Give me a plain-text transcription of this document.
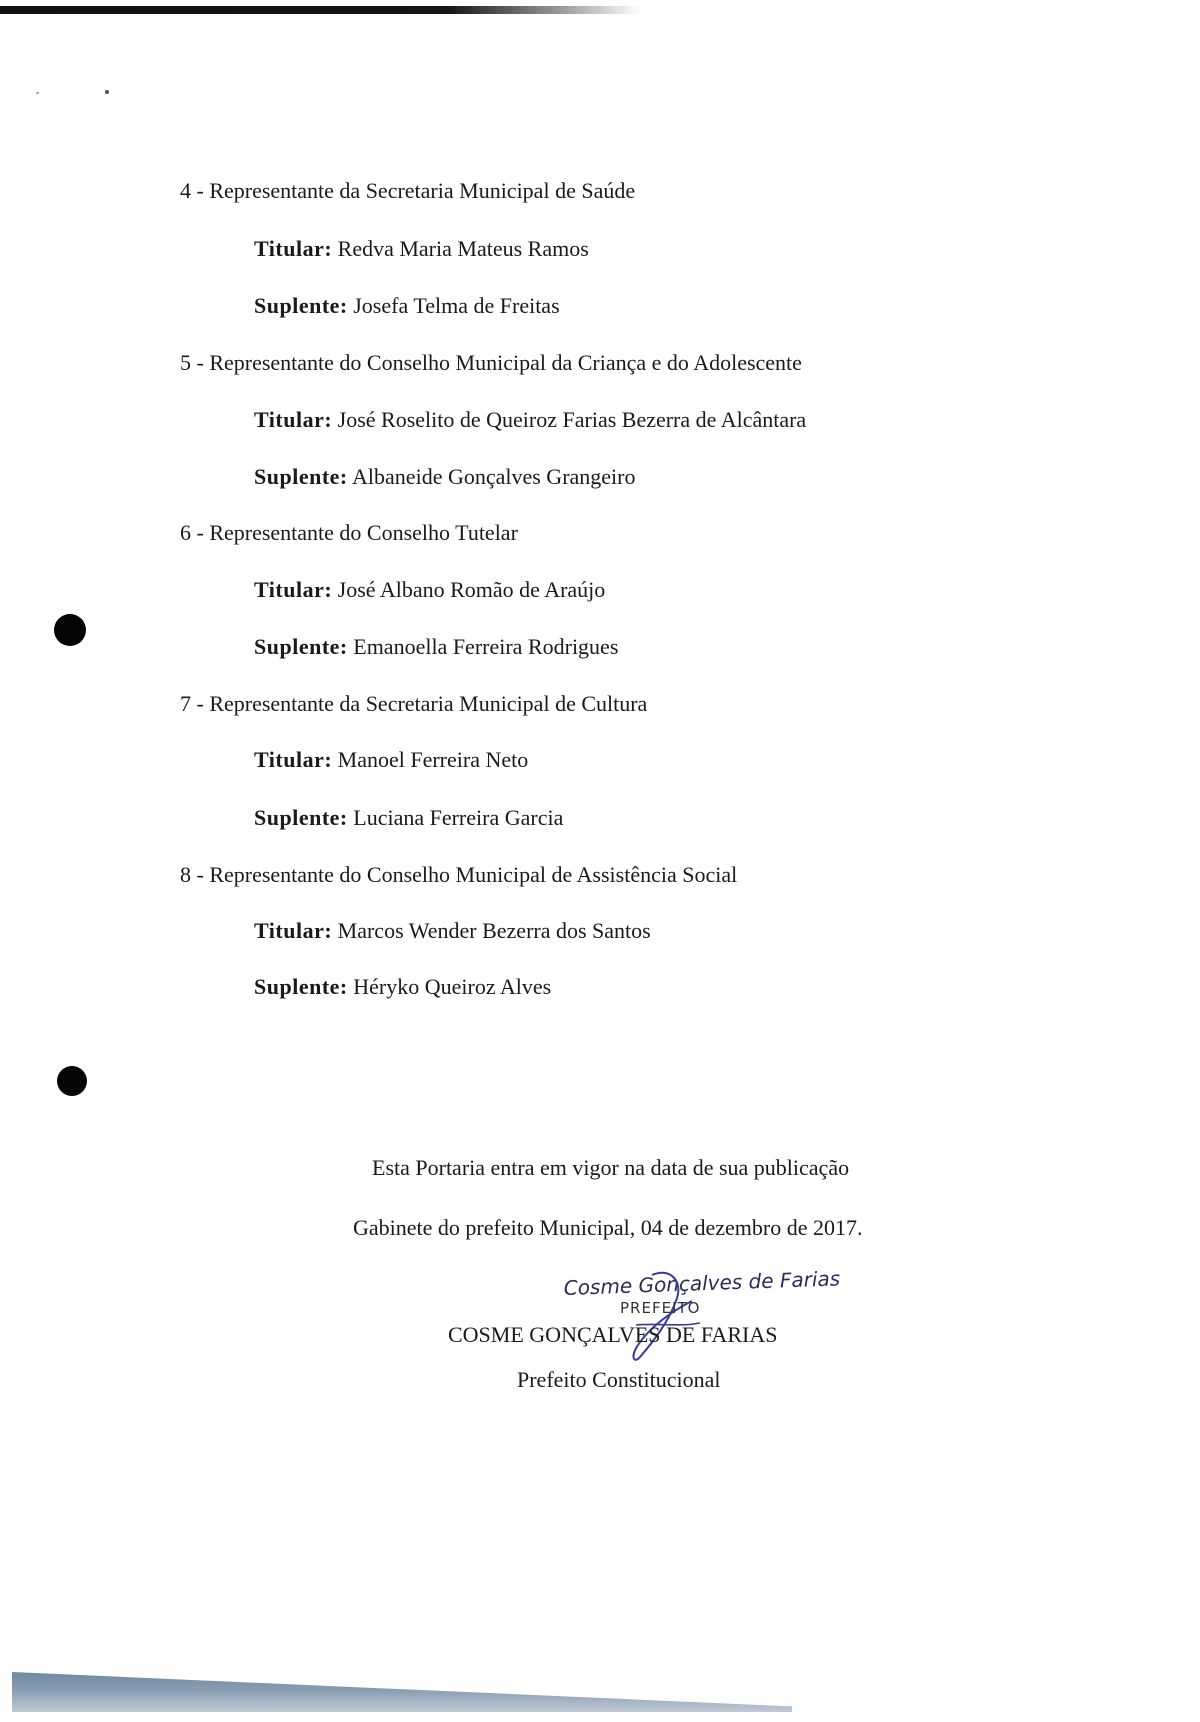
4 - Representante da Secretaria Municipal de Saúde
Titular: Redva Maria Mateus Ramos
Suplente: Josefa Telma de Freitas
5 - Representante do Conselho Municipal da Criança e do Adolescente
Titular: José Roselito de Queiroz Farias Bezerra de Alcântara
Suplente: Albaneide Gonçalves Grangeiro
6 - Representante do Conselho Tutelar
Titular: José Albano Romão de Araújo
Suplente: Emanoella Ferreira Rodrigues
7 - Representante da Secretaria Municipal de Cultura
Titular: Manoel Ferreira Neto
Suplente: Luciana Ferreira Garcia
8 - Representante do Conselho Municipal de Assistência Social
Titular: Marcos Wender Bezerra dos Santos
Suplente: Héryko Queiroz Alves
Esta Portaria entra em vigor na data de sua publicação
Gabinete do prefeito Municipal, 04 de dezembro de 2017.
Cosme Gonçalves de Farias
PREFEITO
COSME GONÇALVES DE FARIAS
Prefeito Constitucional
